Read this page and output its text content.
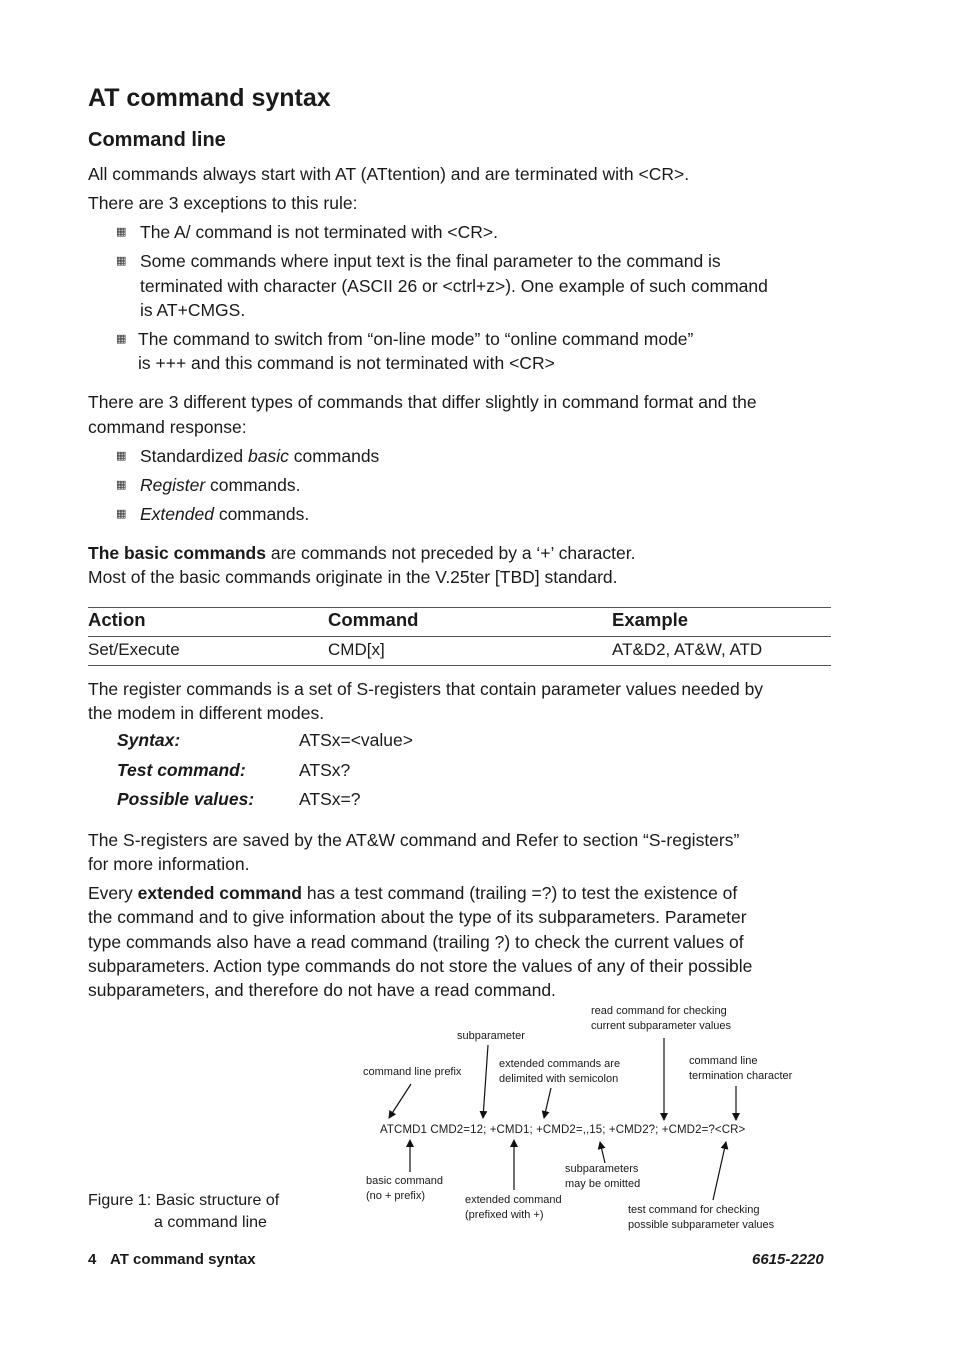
AT command syntax
Command line
All commands always start with AT (ATtention) and are terminated with <CR>.
There are 3 exceptions to this rule:
▦ The A/ command is not terminated with <CR>.
▦ Some commands where input text is the final parameter to the command is
terminated with character (ASCII 26 or <ctrl+z>). One example of such command
is AT+CMGS.
▦ The command to switch from “on-line mode” to “online command mode”
is +++ and this command is not terminated with <CR>
There are 3 different types of commands that differ slightly in command format and the
command response:
▦ Standardized basic commands
▦ Register commands.
▦ Extended commands.
The basic commands are commands not preceded by a ‘+’ character.
Most of the basic commands originate in the V.25ter [TBD] standard.
Action	Command	Example
Set/Execute	CMD[x]	AT&D2, AT&W, ATD
The register commands is a set of S-registers that contain parameter values needed by
the modem in different modes.
Syntax:	ATSx=<value>
Test command:	ATSx?
Possible values:	ATSx=?
The S-registers are saved by the AT&W command and Refer to section “S-registers”
for more information.
Every extended command has a test command (trailing =?) to test the existence of
the command and to give information about the type of its subparameters. Parameter
type commands also have a read command (trailing ?) to check the current values of
subparameters. Action type commands do not store the values of any of their possible
subparameters, and therefore do not have a read command.
read command for checking
current subparameter values
subparameter
extended commands are
delimited with semicolon
command line
termination character
command line prefix
ATCMD1 CMD2=12; +CMD1; +CMD2=,,15; +CMD2?; +CMD2=?<CR>
basic command
(no + prefix)	extended command
(prefixed with +)
subparameters
may be omitted
test command for checking
possible subparameter values
Figure 1: Basic structure of
a command line
4 AT command syntax	6615-2220
